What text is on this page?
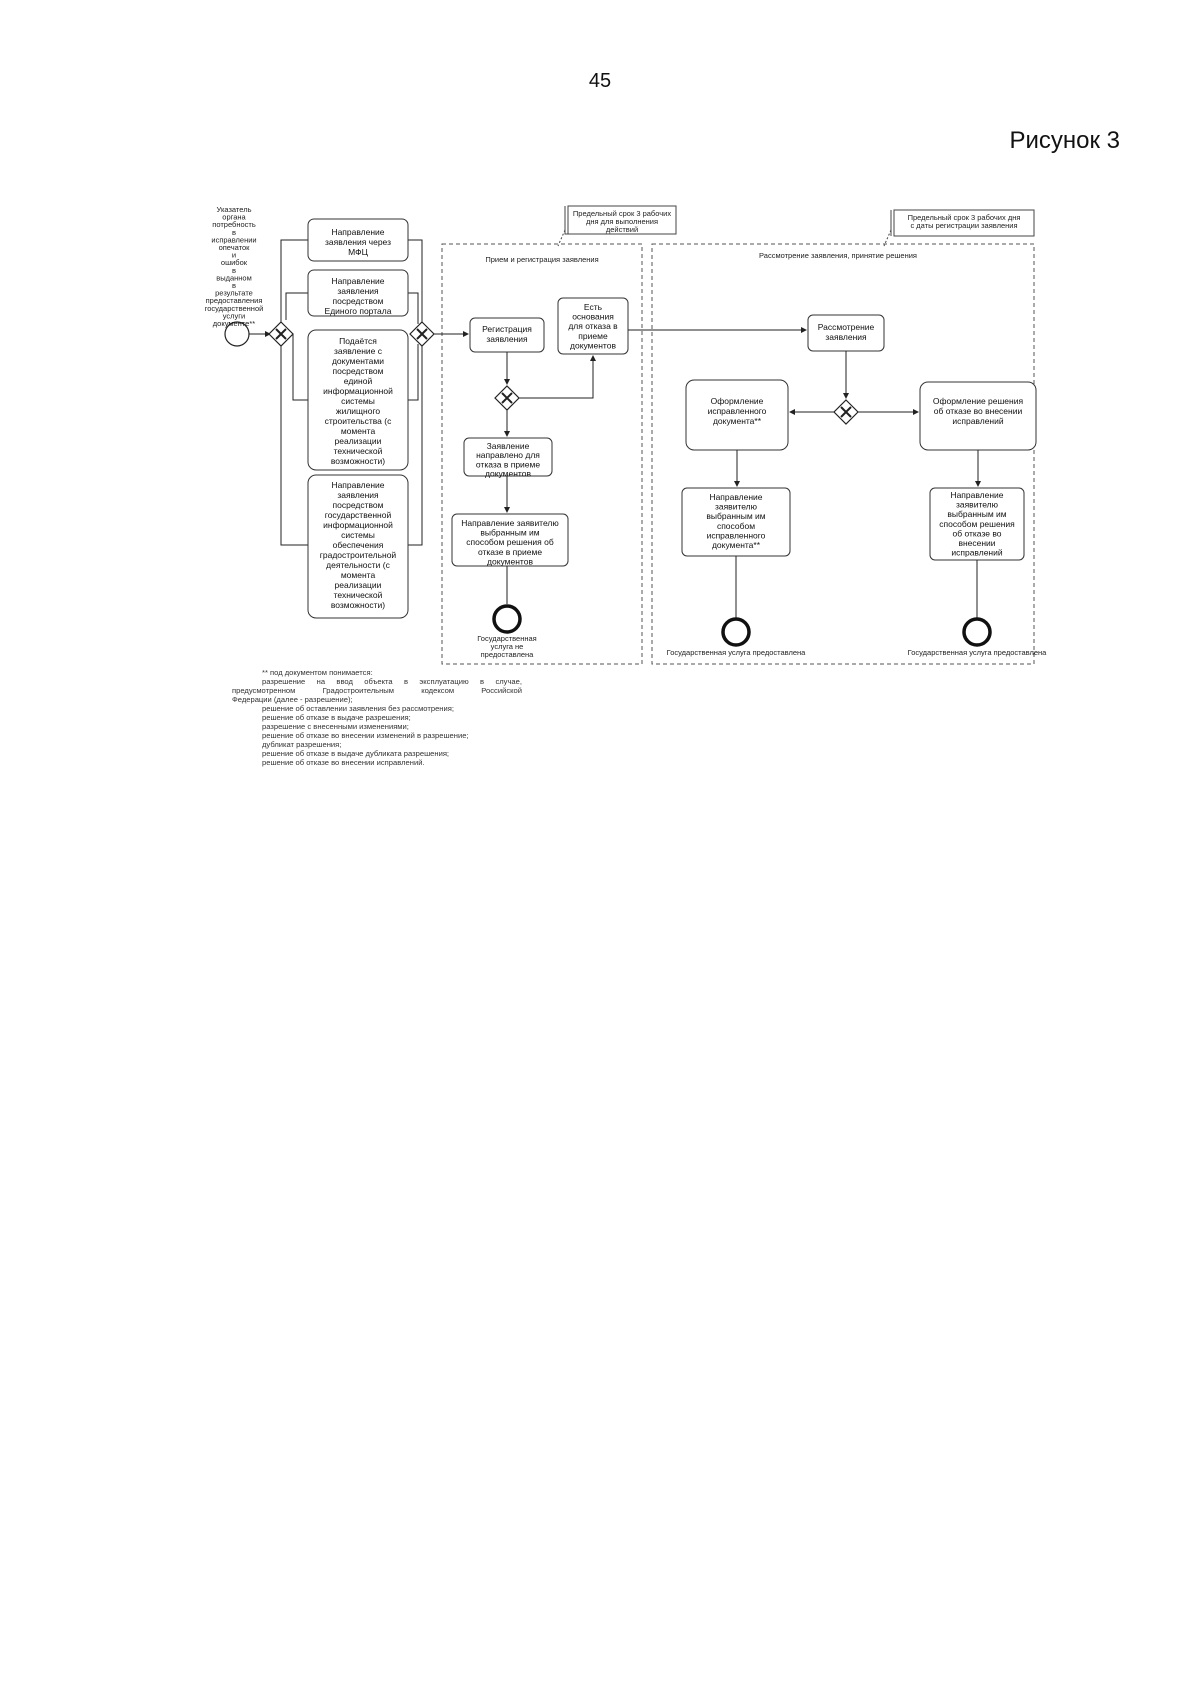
45
Рисунок 3
Прием и регистрация заявления	Рассмотрение заявления, принятие решения
Предельный срок 3 рабочих дня для выполнения действий
Предельный срок 3 рабочих дня с даты регистрации заявления
Указатель органа потребность в исправлении опечаток и ошибок в выданном в результате предоставления государственной услуги документе**
Направление заявления через МФЦ
Направление заявления посредством Единого портала
Подаётся заявление с документами посредством единой информационной системы жилищного строительства (с момента реализации технической возможности)
Направление заявления посредством государственной информационной системы обеспечения градостроительной деятельности (с момента реализации технической возможности)
Регистрация заявления
Есть основания для отказа в приеме документов
Заявление направлено для отказа в приеме документов
Направление заявителю выбранным им способом решения об отказе в приеме документов
Государственная услуга не предоставлена
Рассмотрение заявления
Оформление исправленного документа**
Оформление решения об отказе во внесении исправлений
Направление заявителю выбранным им способом исправленного документа**
Направление заявителю выбранным им способом решения об отказе во внесении исправлений
Государственная услуга предоставлена	Государственная услуга предоставлена
** под документом понимается:
разрешение на ввод объекта в эксплуатацию в случае,
предусмотренном Градостроительным кодексом Российской
Федерации (далее - разрешение);
решение об оставлении заявления без рассмотрения;
решение об отказе в выдаче разрешения;
разрешение с внесенными изменениями;
решение об отказе во внесении изменений в разрешение;
дубликат разрешения;
решение об отказе в выдаче дубликата разрешения;
решение об отказе во внесении исправлений.
